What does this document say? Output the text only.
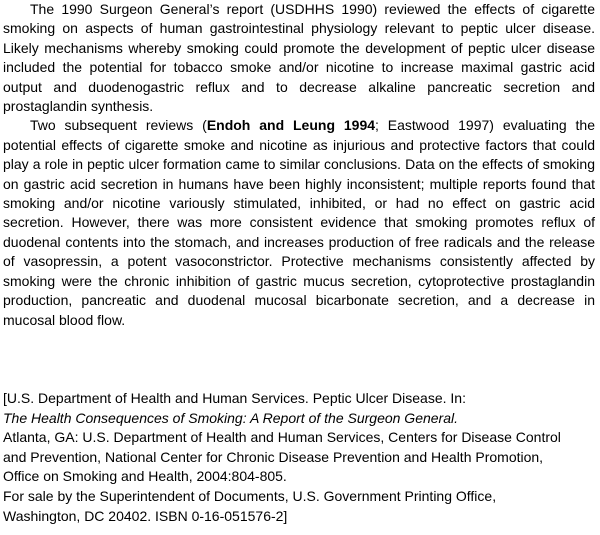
The 1990 Surgeon General’s report (USDHHS 1990) reviewed the effects of cigarette smoking on aspects of human gastrointestinal physiology relevant to peptic ulcer disease. Likely mechanisms whereby smoking could promote the development of peptic ulcer disease included the potential for tobacco smoke and/or nicotine to increase maximal gastric acid output and duodenogastric reflux and to decrease alkaline pancreatic secretion and prostaglandin synthesis.

Two subsequent reviews (Endoh and Leung 1994; Eastwood 1997) evaluating the potential effects of cigarette smoke and nicotine as injurious and protective factors that could play a role in peptic ulcer formation came to similar conclusions. Data on the effects of smoking on gastric acid secretion in humans have been highly inconsistent; multiple reports found that smoking and/or nicotine variously stimulated, inhibited, or had no effect on gastric acid secretion. However, there was more consistent evidence that smoking promotes reflux of duodenal contents into the stomach, and increases production of free radicals and the release of vasopressin, a potent vasoconstrictor. Protective mechanisms consistently affected by smoking were the chronic inhibition of gastric mucus secretion, cytoprotective prostaglandin production, pancreatic and duodenal mucosal bicarbonate secretion, and a decrease in mucosal blood flow.

[U.S. Department of Health and Human Services. Peptic Ulcer Disease. In:
The Health Consequences of Smoking: A Report of the Surgeon General.
Atlanta, GA: U.S. Department of Health and Human Services, Centers for Disease Control
and Prevention, National Center for Chronic Disease Prevention and Health Promotion,
Office on Smoking and Health, 2004:804-805.
For sale by the Superintendent of Documents, U.S. Government Printing Office,
Washington, DC 20402. ISBN 0-16-051576-2]
